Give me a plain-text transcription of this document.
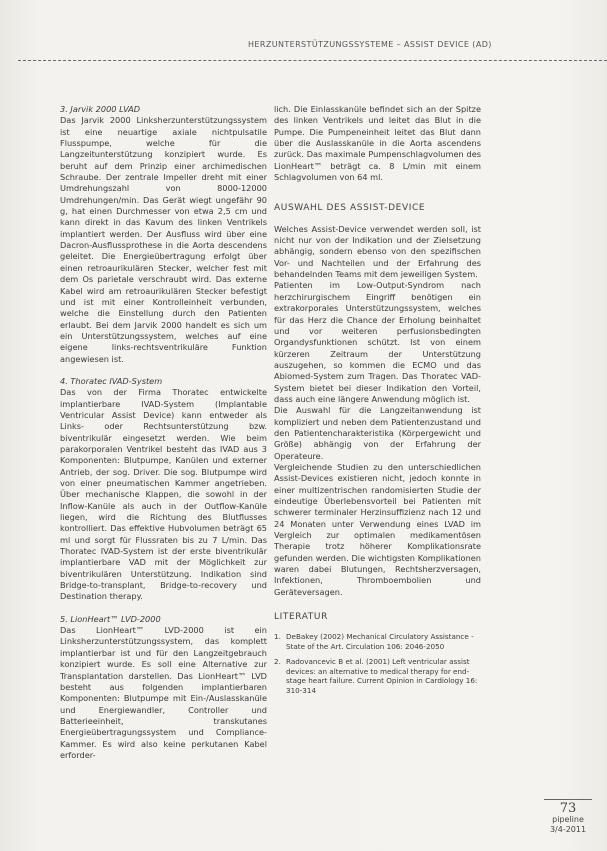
HERZUNTERSTÜTZUNGSSYSTEME – ASSIST DEVICE (AD)

3. Jarvik 2000 LVAD

Das Jarvik 2000 Linksherzunterstützungssystem ist eine neuartige axiale nichtpulsatile Flusspumpe, welche für die Langzeitunterstützung konzipiert wurde. Es beruht auf dem Prinzip einer archimedischen Schraube. Der zentrale Impeller dreht mit einer Umdrehungszahl von 8000-12000 Umdrehungen/min. Das Gerät wiegt ungefähr 90 g, hat einen Durchmesser von etwa 2,5 cm und kann direkt in das Kavum des linken Ventrikels implantiert werden. Der Ausfluss wird über eine Dacron-Ausflussprothese in die Aorta descendens geleitet. Die Energieübertragung erfolgt über einen retroaurikulären Stecker, welcher fest mit dem Os parietale verschraubt wird. Das externe Kabel wird am retroaurikulären Stecker befestigt und ist mit einer Kontrolleinheit verbunden, welche die Einstellung durch den Patienten erlaubt. Bei dem Jarvik 2000 handelt es sich um ein Unterstützungssystem, welches auf eine eigene links-rechtsventrikuläre Funktion angewiesen ist.

4. Thoratec IVAD-System

Das von der Firma Thoratec entwickelte implantierbare IVAD-System (Implantable Ventricular Assist Device) kann entweder als Links- oder Rechtsunterstützung bzw. biventrikulär eingesetzt werden. Wie beim parakorporalen Ventrikel besteht das IVAD aus 3 Komponenten: Blutpumpe, Kanülen und externer Antrieb, der sog. Driver. Die sog. Blutpumpe wird von einer pneumatischen Kammer angetrieben. Über mechanische Klappen, die sowohl in der Inflow-Kanüle als auch in der Outflow-Kanüle liegen, wird die Richtung des Blutflusses kontrolliert. Das effektive Hubvolumen beträgt 65 ml und sorgt für Flussraten bis zu 7 L/min. Das Thoratec IVAD-System ist der erste biventrikulär implantierbare VAD mit der Möglichkeit zur biventrikulären Unterstützung. Indikation sind Bridge-to-transplant, Bridge-to-recovery und Destination therapy.

5. LionHeart™ LVD-2000

Das LionHeart™ LVD-2000 ist ein Linksherzunterstützungssystem, das komplett implantierbar ist und für den Langzeitgebrauch konzipiert wurde. Es soll eine Alternative zur Transplantation darstellen. Das LionHeart™ LVD besteht aus folgenden implantierbaren Komponenten: Blutpumpe mit Ein-/Auslasskanüle und Energiewandler, Controller und Batterieeinheit, transkutanes Energieübertragungssystem und Compliance-Kammer. Es wird also keine perkutanen Kabel erforder-

lich. Die Einlasskanüle befindet sich an der Spitze des linken Ventrikels und leitet das Blut in die Pumpe. Die Pumpeneinheit leitet das Blut dann über die Auslasskanüle in die Aorta ascendens zurück. Das maximale Pumpenschlagvolumen des LionHeart™ beträgt ca. 8 L/min mit einem Schlagvolumen von 64 ml.

AUSWAHL DES ASSIST-DEVICE

Welches Assist-Device verwendet werden soll, ist nicht nur von der Indikation und der Zielsetzung abhängig, sondern ebenso von den spezifischen Vor- und Nachteilen und der Erfahrung des behandelnden Teams mit dem jeweiligen System.

Patienten im Low-Output-Syndrom nach herzchirurgischem Eingriff benötigen ein extrakorporales Unterstützungssystem, welches für das Herz die Chance der Erholung beinhaltet und vor weiteren perfusionsbedingten Organdysfunktionen schützt. Ist von einem kürzeren Zeitraum der Unterstützung auszugehen, so kommen die ECMO und das Abiomed-System zum Tragen. Das Thoratec VAD-System bietet bei dieser Indikation den Vorteil, dass auch eine längere Anwendung möglich ist.

Die Auswahl für die Langzeitanwendung ist kompliziert und neben dem Patientenzustand und den Patientencharakteristika (Körpergewicht und Größe) abhängig von der Erfahrung der Operateure.

Vergleichende Studien zu den unterschiedlichen Assist-Devices existieren nicht, jedoch konnte in einer multizentrischen randomisierten Studie der eindeutige Überlebensvorteil bei Patienten mit schwerer terminaler Herzinsuffizienz nach 12 und 24 Monaten unter Verwendung eines LVAD im Vergleich zur optimalen medikamentösen Therapie trotz höherer Komplikationsrate gefunden werden. Die wichtigsten Komplikationen waren dabei Blutungen, Rechtsherzversagen, Infektionen, Thromboembolien und Geräteversagen.

LITERATUR
1. DeBakey (2002) Mechanical Circulatory Assistance - State of the Art. Circulation 106: 2046-2050
2. Radovancevic B et al. (2001) Left ventricular assist devices: an alternative to medical therapy for end-stage heart failure. Current Opinion in Cardiology 16: 310-314
73
pipeline
3/4-2011
